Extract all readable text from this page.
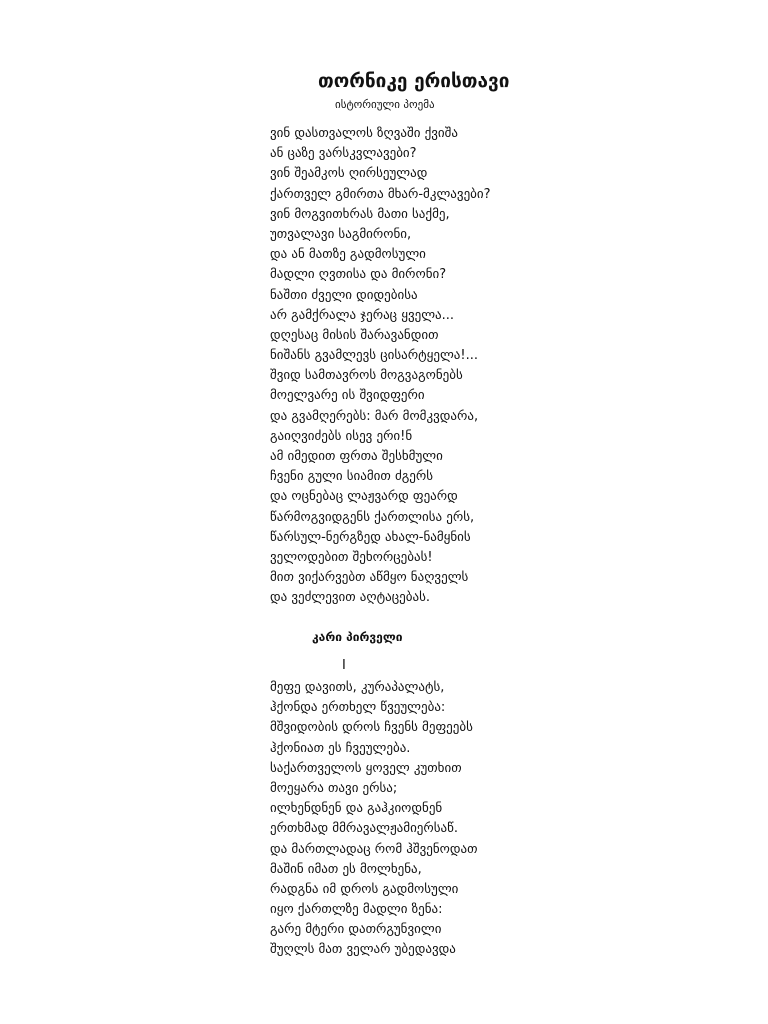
თორნიკე ერისთავი
ისტორიული პოემა
ვინ დასთვალოს ზღვაში ქვიშა
ან ცაზე ვარსკვლავები?
ვინ შეამკოს ღირსეულად
ქართველ გმირთა მხარ-მკლავები?
ვინ მოგვითხრას მათი საქმე,
უთვალავი საგმირონი,
და ან მათზე გადმოსული
მადლი ღვთისა და მირონი?
ნაშთი ძველი დიდებისა
არ გამქრალა ჯერაც ყველა...
დღესაც მისის შარავანდით
ნიშანს გვამლევს ცისარტყელა!...
შვიდ სამთავროს მოგვაგონებს
მოელვარე ის შვიდფერი
და გვამღერებს: მარ მომკვდარა,
გაიღვიძებს ისევ ერი!ნ
ამ იმედით ფრთა შესხმული
ჩვენი გული სიამით ძგერს
და ოცნებაც ლაჟვარდ ფეარდ
წარმოგვიდგენს ქართლისა ერს,
წარსულ-ნერგზედ ახალ-ნამყნის
ველოდებით შეხორცებას!
მით ვიქარვებთ აწმყო ნაღველს
და ვეძლევით აღტაცებას.
კარი პირველი
I
მეფე დავითს, კურაპალატს,
ჰქონდა ერთხელ წვეულება:
მშვიდობის დროს ჩვენს მეფეებს
ჰქონიათ ეს ჩვეულება.
საქართველოს ყოველ კუთხით
მოეყარა თავი ერსა;
ილხენდნენ და გაჰკიოდნენ
ერთხმად მმრავალჟამიერსაწ.
და მართლადაც რომ ჰშვენოდათ
მაშინ იმათ ეს მოლხენა,
რადგნა იმ დროს გადმოსული
იყო ქართლზე მადლი ზენა:
გარე მტერი დათრგუნვილი
შუღლს მათ ველარ უბედავდა
